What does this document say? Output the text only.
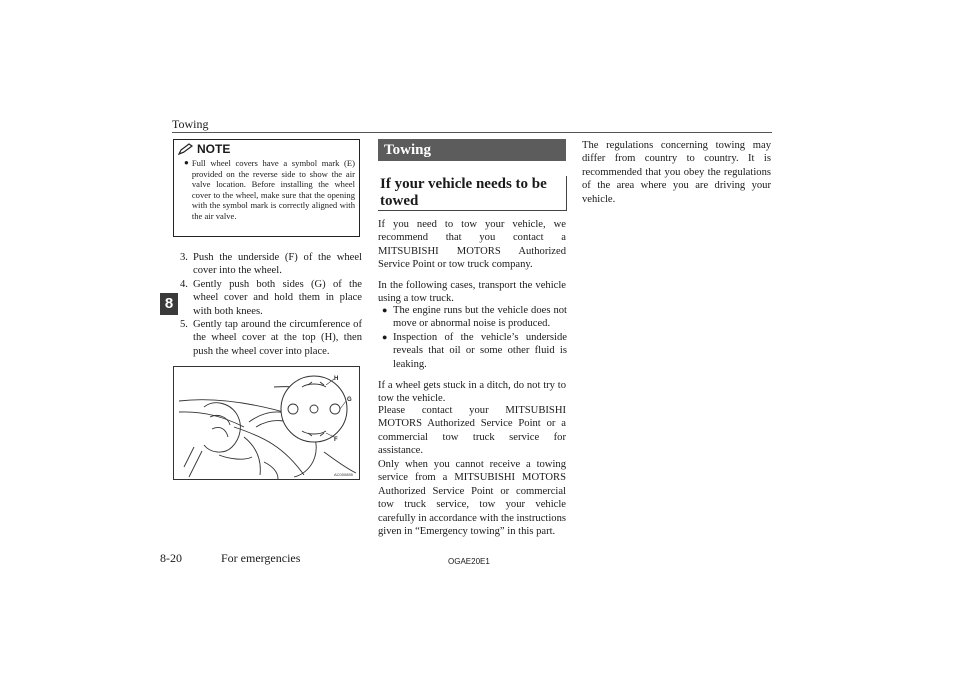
Towing
8
NOTE
● Full wheel covers have a symbol mark (E) provided on the reverse side to show the air valve location. Before installing the wheel cover to the wheel, make sure that the opening with the symbol mark is correctly aligned with the air valve.
3. Push the underside (F) of the wheel cover into the wheel.
4. Gently push both sides (G) of the wheel cover and hold them in place with both knees.
5. Gently tap around the circumference of the wheel cover at the top (H), then push the wheel cover into place.
H
G
F
AC000855
Towing
If your vehicle needs to be towed

If you need to tow your vehicle, we recommend that you contact a MITSUBISHI MOTORS Authorized Service Point or tow truck company.

In the following cases, transport the vehicle using a tow truck.

● The engine runs but the vehicle does not move or abnormal noise is produced.
● Inspection of the vehicle’s underside reveals that oil or some other fluid is leaking.

If a wheel gets stuck in a ditch, do not try to tow the vehicle.

Please contact your MITSUBISHI MOTORS Authorized Service Point or a commercial tow truck service for assistance.

Only when you cannot receive a towing service from a MITSUBISHI MOTORS Authorized Service Point or commercial tow truck service, tow your vehicle carefully in accordance with the instructions given in “Emergency towing” in this part.

The regulations concerning towing may differ from country to country. It is recommended that you obey the regulations of the area where you are driving your vehicle.

8-20	For emergencies	OGAE20E1
